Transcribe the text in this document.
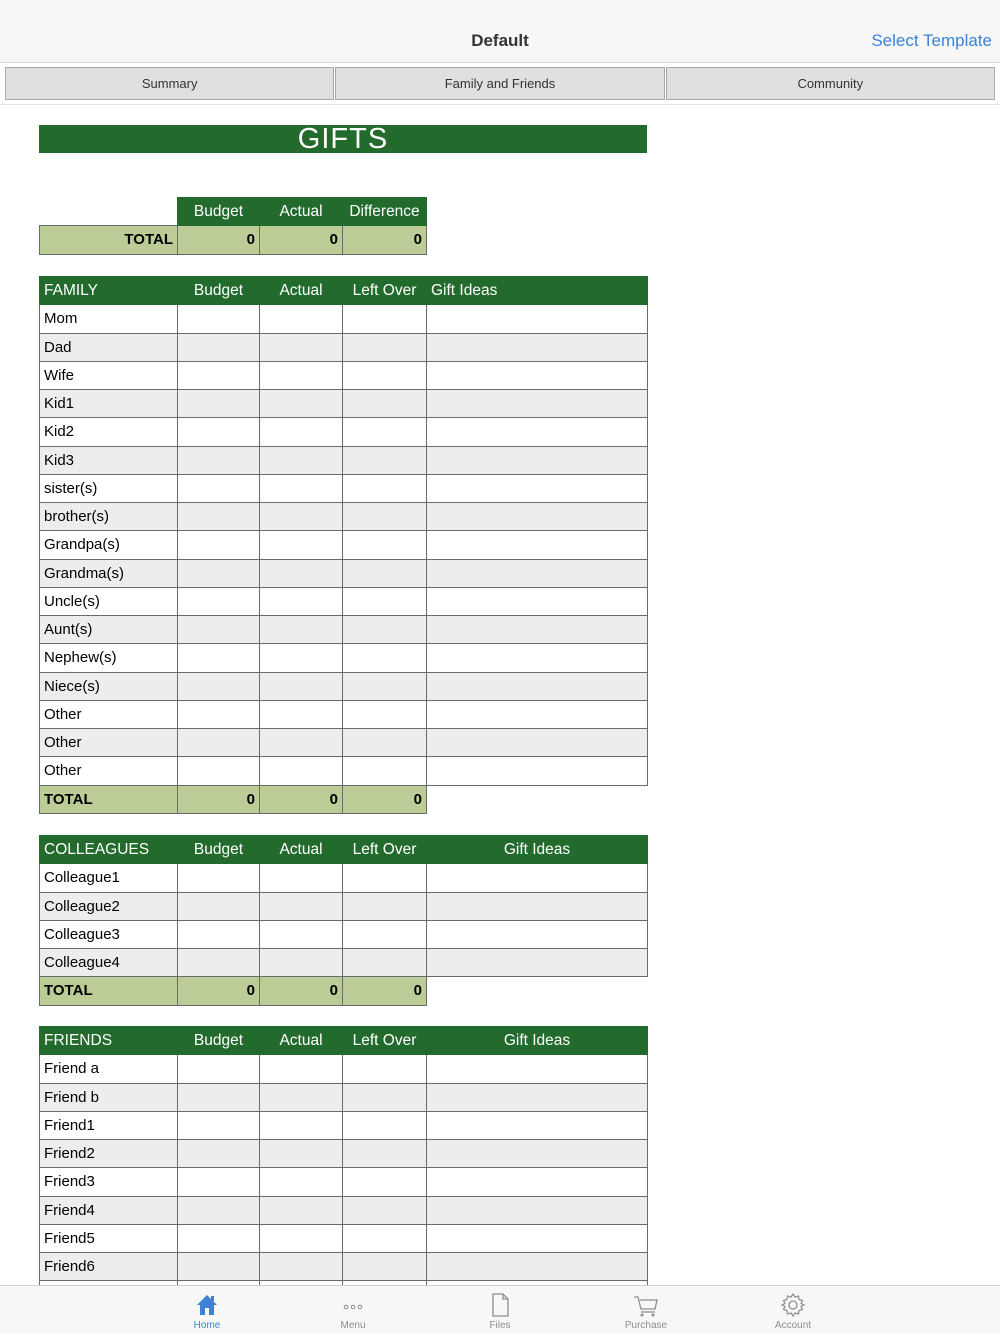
Default	Select Template
Summary	Family and Friends	Community
GIFTS
	Budget	Actual	Difference
TOTAL	0	0	0
FAMILY	Budget	Actual	Left Over	Gift Ideas
Mom				
Dad				
Wife				
Kid1				
Kid2				
Kid3				
sister(s)				
brother(s)				
Grandpa(s)				
Grandma(s)				
Uncle(s)				
Aunt(s)				
Nephew(s)				
Niece(s)				
Other				
Other				
Other				
TOTAL	0	0	0	
COLLEAGUES	Budget	Actual	Left Over	Gift Ideas
Colleague1				
Colleague2				
Colleague3				
Colleague4				
TOTAL	0	0	0	
FRIENDS	Budget	Actual	Left Over	Gift Ideas
Friend a				
Friend b				
Friend1				
Friend2				
Friend3				
Friend4				
Friend5				
Friend6				

Home	Menu	Files	Purchase	Account
